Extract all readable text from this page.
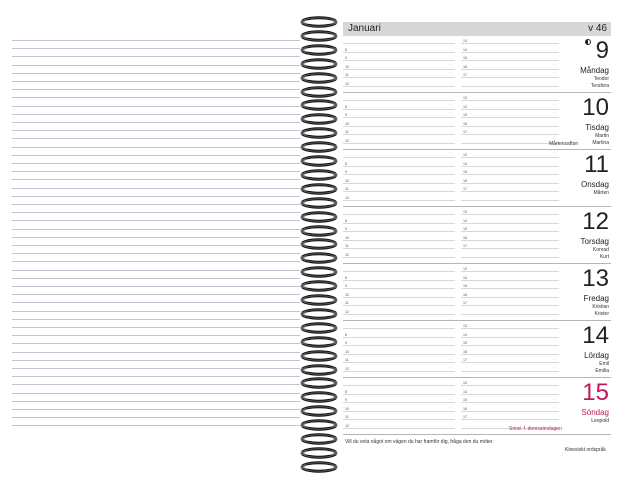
Januari	v 46
13
8	14
9	15
10	16
11	17
12
9
Måndag
Teodor
Teodora
13
8	14
9	15
10	16
11	17
12	Mårtensafton
10
Tisdag
Martin
Martina
13
8	14
9	15
10	16
11	17
12
11
Onsdag
Mårten
13
8	14
9	15
10	16
11	17
12
12
Torsdag
Konrad
Kurt
13
8	14
9	15
10	16
11	17
12
13
Fredag
Kristian
Krister
13
8	14
9	15
10	16
11	17
12
14
Lördag
Emil
Emilia
13
8	14
9	15
10	16
11	17
12	Sönd. f. domssöndagen
15
Söndag
Leopold
Vill du veta något om vägen du har framför dig, fråga den du möter.
Kinesiskt ordspråk
